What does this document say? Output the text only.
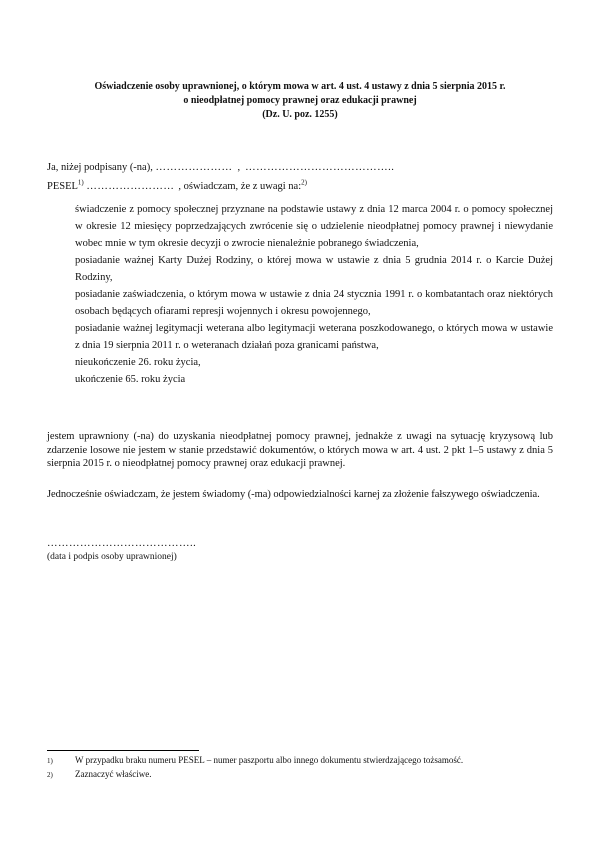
Oświadczenie osoby uprawnionej, o którym mowa w art. 4 ust. 4 ustawy z dnia 5 sierpnia 2015 r.
o nieodpłatnej pomocy prawnej oraz edukacji prawnej
(Dz. U. poz. 1255)
Ja, niżej podpisany (-na), ………………… , …………………………………..
PESEL$^{1)}$ …………………… , oświadczam, że z uwagi na:$^{2)}$

świadczenie z pomocy społecznej przyznane na podstawie ustawy z dnia 12 marca 2004 r. o pomocy społecznej w okresie 12 miesięcy poprzedzających zwrócenie się o udzielenie nieodpłatnej pomocy prawnej i niewydanie wobec mnie w tym okresie decyzji o zwrocie nienależnie pobranego świadczenia,

posiadanie ważnej Karty Dużej Rodziny, o której mowa w ustawie z dnia 5 grudnia 2014 r. o Karcie Dużej Rodziny,

posiadanie zaświadczenia, o którym mowa w ustawie z dnia 24 stycznia 1991 r. o kombatantach oraz niektórych osobach będących ofiarami represji wojennych i okresu powojennego,

posiadanie ważnej legitymacji weterana albo legitymacji weterana poszkodowanego, o których mowa w ustawie z dnia 19 sierpnia 2011 r. o weteranach działań poza granicami państwa,

nieukończenie 26. roku życia,

ukończenie 65. roku życia

jestem uprawniony (-na) do uzyskania nieodpłatnej pomocy prawnej, jednakże z uwagi na sytuację kryzysową lub zdarzenie losowe nie jestem w stanie przedstawić dokumentów, o których mowa w art. 4 ust. 2 pkt 1–5 ustawy z dnia 5 sierpnia 2015 r. o nieodpłatnej pomocy prawnej oraz edukacji prawnej.

Jednocześnie oświadczam, że jestem świadomy (-ma) odpowiedzialności karnej za złożenie fałszywego oświadczenia.

…………………………………..
(data i podpis osoby uprawnionej)
1)	W przypadku braku numeru PESEL – numer paszportu albo innego dokumentu stwierdzającego tożsamość.
2)	Zaznaczyć właściwe.
